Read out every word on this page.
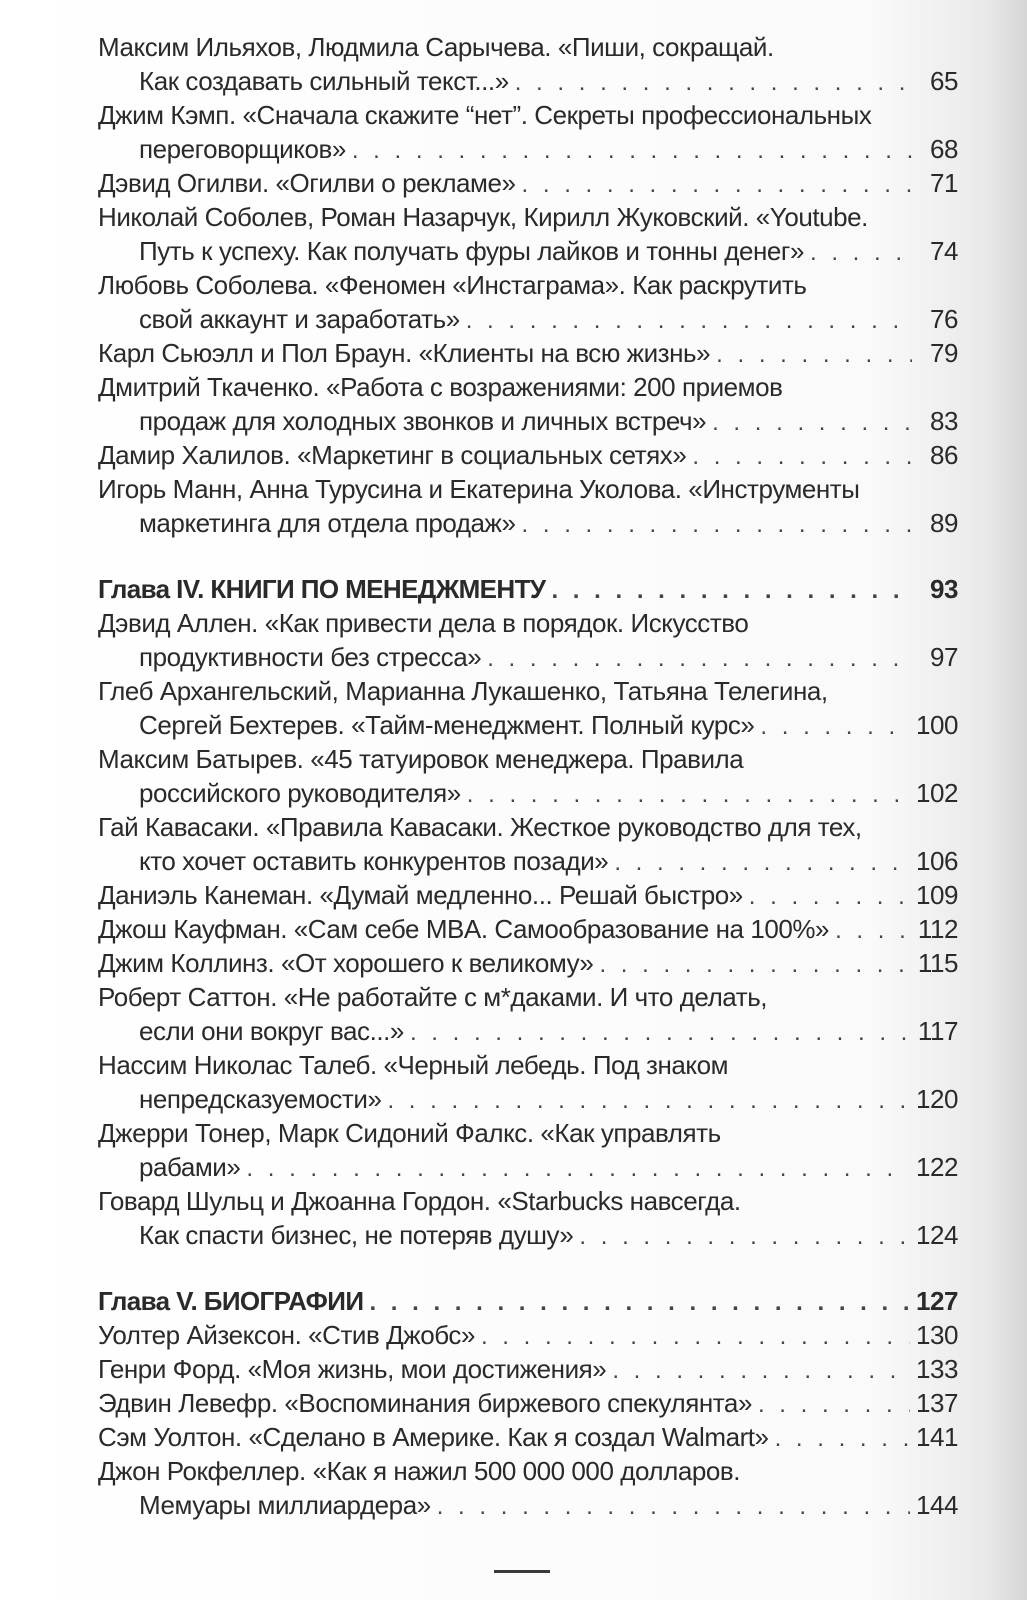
Максим Ильяхов, Людмила Сарычева. «Пиши, сокращай.
Как создавать сильный текст...» . . .	65
Джим Кэмп. «Сначала скажите “нет”. Секреты профессиональных
переговорщиков» . . .	68
Дэвид Огилви. «Огилви о рекламе» . . .	71
Николай Соболев, Роман Назарчук, Кирилл Жуковский. «Youtube.
Путь к успеху. Как получать фуры лайков и тонны денег» . . .	74
Любовь Соболева. «Феномен «Инстаграма». Как раскрутить
свой аккаунт и заработать» . . .	76
Карл Сьюэлл и Пол Браун. «Клиенты на всю жизнь» . . .	79
Дмитрий Ткаченко. «Работа с возражениями: 200 приемов
продаж для холодных звонков и личных встреч» . . .	83
Дамир Халилов. «Маркетинг в социальных сетях» . . .	86
Игорь Манн, Анна Турусина и Екатерина Уколова. «Инструменты
маркетинга для отдела продаж» . . .	89
Глава IV. КНИГИ ПО МЕНЕДЖМЕНТУ . . .	93
Дэвид Аллен. «Как привести дела в порядок. Искусство
продуктивности без стресса» . . .	97
Глеб Архангельский, Марианна Лукашенко, Татьяна Телегина,
Сергей Бехтерев. «Тайм-менеджмент. Полный курс» . . .	100
Максим Батырев. «45 татуировок менеджера. Правила
российского руководителя» . . .	102
Гай Кавасаки. «Правила Кавасаки. Жесткое руководство для тех,
кто хочет оставить конкурентов позади» . . .	106
Даниэль Канеман. «Думай медленно... Решай быстро» . . .	109
Джош Кауфман. «Сам себе MBA. Самообразование на 100%» . . .	112
Джим Коллинз. «От хорошего к великому» . . .	115
Роберт Саттон. «Не работайте с м*даками. И что делать,
если они вокруг вас...» . . .	117
Нассим Николас Талеб. «Черный лебедь. Под знаком
непредсказуемости» . . .	120
Джерри Тонер, Марк Сидоний Фалкс. «Как управлять
рабами» . . .	122
Говард Шульц и Джоанна Гордон. «Starbucks навсегда.
Как спасти бизнес, не потеряв душу» . . .	124
Глава V. БИОГРАФИИ . . .	127
Уолтер Айзексон. «Стив Джобс» . . .	130
Генри Форд. «Моя жизнь, мои достижения» . . .	133
Эдвин Левефр. «Воспоминания биржевого спекулянта» . . .	137
Сэм Уолтон. «Сделано в Америке. Как я создал Walmart» . . .	141
Джон Рокфеллер. «Как я нажил 500 000 000 долларов.
Мемуары миллиардера» . . .	144
